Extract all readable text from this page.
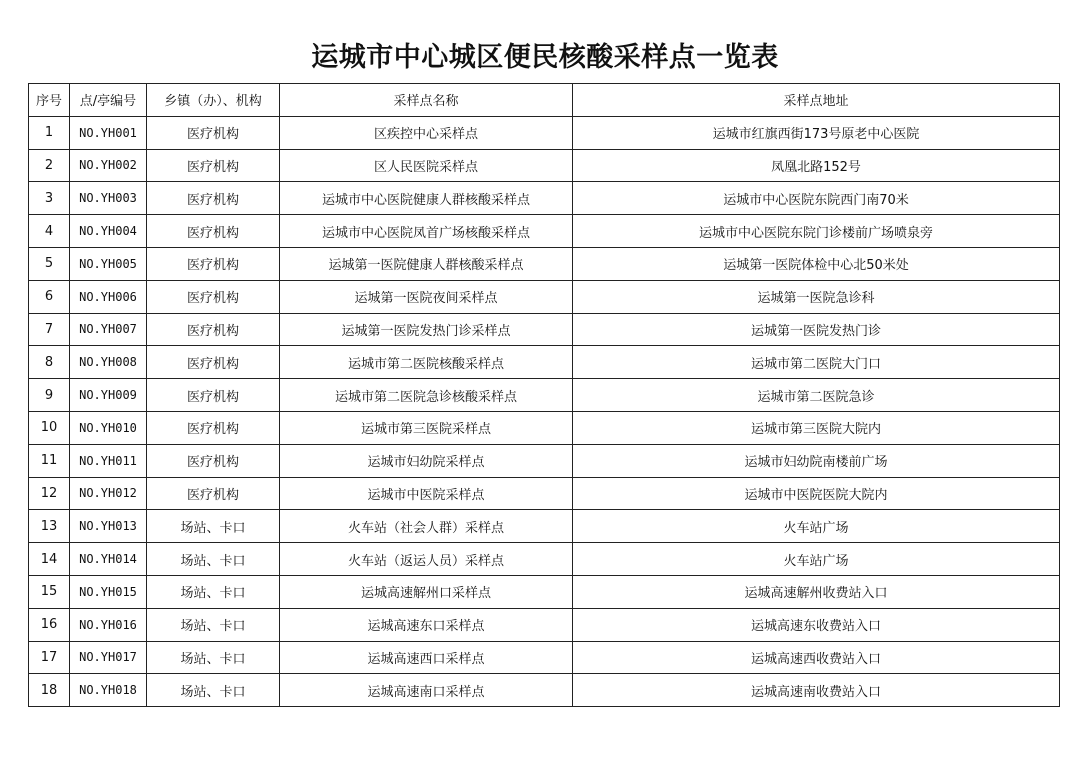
运城市中心城区便民核酸采样点一览表
序号	点/亭编号	乡镇（办）、机构	采样点名称	采样点地址
1	NO.YH001	医疗机构	区疾控中心采样点	运城市红旗西街173号原老中心医院
2	NO.YH002	医疗机构	区人民医院采样点	凤凰北路152号
3	NO.YH003	医疗机构	运城市中心医院健康人群核酸采样点	运城市中心医院东院西门南70米
4	NO.YH004	医疗机构	运城市中心医院凤首广场核酸采样点	运城市中心医院东院门诊楼前广场喷泉旁
5	NO.YH005	医疗机构	运城第一医院健康人群核酸采样点	运城第一医院体检中心北50米处
6	NO.YH006	医疗机构	运城第一医院夜间采样点	运城第一医院急诊科
7	NO.YH007	医疗机构	运城第一医院发热门诊采样点	运城第一医院发热门诊
8	NO.YH008	医疗机构	运城市第二医院核酸采样点	运城市第二医院大门口
9	NO.YH009	医疗机构	运城市第二医院急诊核酸采样点	运城市第二医院急诊
10	NO.YH010	医疗机构	运城市第三医院采样点	运城市第三医院大院内
11	NO.YH011	医疗机构	运城市妇幼院采样点	运城市妇幼院南楼前广场
12	NO.YH012	医疗机构	运城市中医院采样点	运城市中医院医院大院内
13	NO.YH013	场站、卡口	火车站（社会人群）采样点	火车站广场
14	NO.YH014	场站、卡口	火车站（返运人员）采样点	火车站广场
15	NO.YH015	场站、卡口	运城高速解州口采样点	运城高速解州收费站入口
16	NO.YH016	场站、卡口	运城高速东口采样点	运城高速东收费站入口
17	NO.YH017	场站、卡口	运城高速西口采样点	运城高速西收费站入口
18	NO.YH018	场站、卡口	运城高速南口采样点	运城高速南收费站入口
